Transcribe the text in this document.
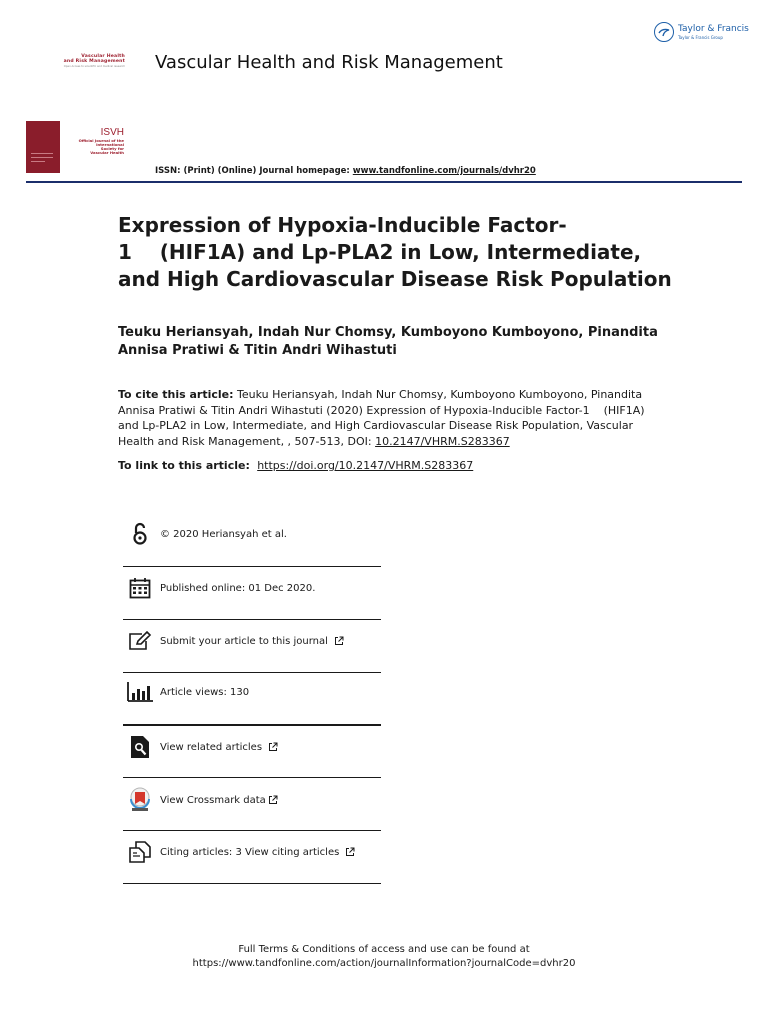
Taylor & Francis
Taylor & Francis Group
Vascular Health
and Risk Management
Open Access to scientific and medical research Vascular Health and Risk Management
ISVH
Official Journal of the
International
Society for
Vascular Health
ISSN: (Print) (Online) Journal homepage: www.tandfonline.com/journals/dvhr20
Expression of Hypoxia-Inducible Factor-1    (HIF1A) and Lp-PLA2 in Low, Intermediate, and High Cardiovascular Disease Risk Population
Teuku Heriansyah, Indah Nur Chomsy, Kumboyono Kumboyono, Pinandita Annisa Pratiwi & Titin Andri Wihastuti
To cite this article: Teuku Heriansyah, Indah Nur Chomsy, Kumboyono Kumboyono, Pinandita Annisa Pratiwi & Titin Andri Wihastuti (2020) Expression of Hypoxia-Inducible Factor-1    (HIF1A) and Lp-PLA2 in Low, Intermediate, and High Cardiovascular Disease Risk Population, Vascular Health and Risk Management, , 507-513, DOI: 10.2147/VHRM.S283367
To link to this article:  https://doi.org/10.2147/VHRM.S283367
© 2020 Heriansyah et al.
Published online: 01 Dec 2020.
Submit your article to this journal
Article views: 130
View related articles
View Crossmark data
Citing articles: 3 View citing articles
Full Terms & Conditions of access and use can be found at
https://www.tandfonline.com/action/journalInformation?journalCode=dvhr20
